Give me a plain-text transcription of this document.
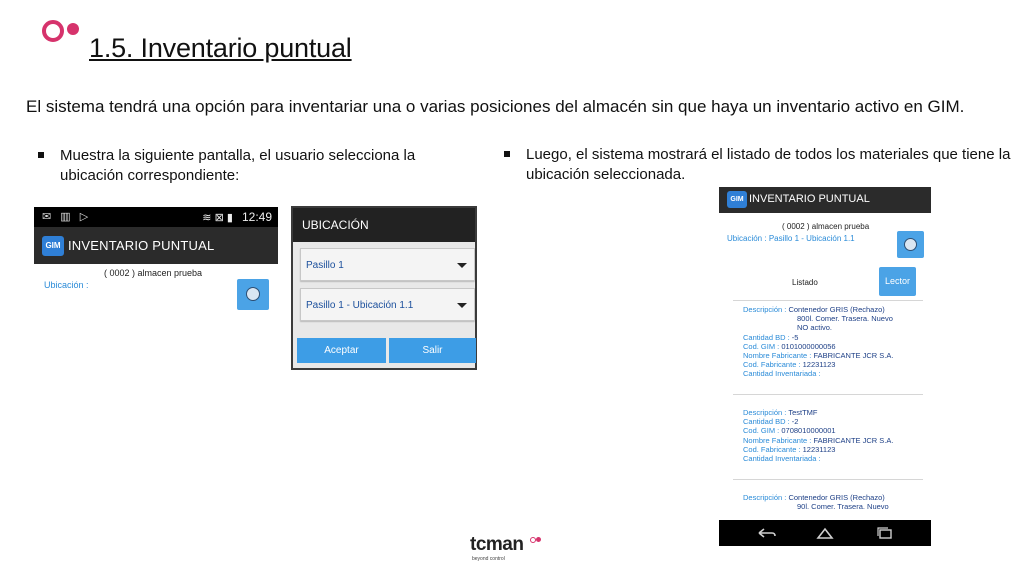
1.5. Inventario puntual
El sistema tendrá una opción para inventariar una o varias posiciones del almacén sin que haya un inventario activo en GIM.
Muestra la siguiente pantalla, el usuario selecciona la ubicación correspondiente:
Luego, el sistema mostrará el listado de todos los materiales que tiene la ubicación seleccionada.
✉ ▥ ▷	≋ ⊠ ▮ 12:49
GIM INVENTARIO PUNTUAL
( 0002 ) almacen prueba
Ubicación :
UBICACIÓN
Pasillo 1
Pasillo 1 - Ubicación 1.1
Aceptar	Salir
GIM INVENTARIO PUNTUAL
( 0002 ) almacen prueba
Ubicación : Pasillo 1 - Ubicación 1.1
Listado	Lector
Descripción : Contenedor GRIS (Rechazo)
800l. Comer. Trasera. Nuevo
NO activo.
Cantidad BD : -5
Cod. GIM : 0101000000056
Nombre Fabricante : FABRICANTE JCR S.A.
Cod. Fabricante : 12231123
Cantidad Inventariada :
Descripción : TestTMF
Cantidad BD : -2
Cod. GIM : 0708010000001
Nombre Fabricante : FABRICANTE JCR S.A.
Cod. Fabricante : 12231123
Cantidad Inventariada :
Descripción : Contenedor GRIS (Rechazo)
90l. Comer. Trasera. Nuevo
tcman
beyond control
